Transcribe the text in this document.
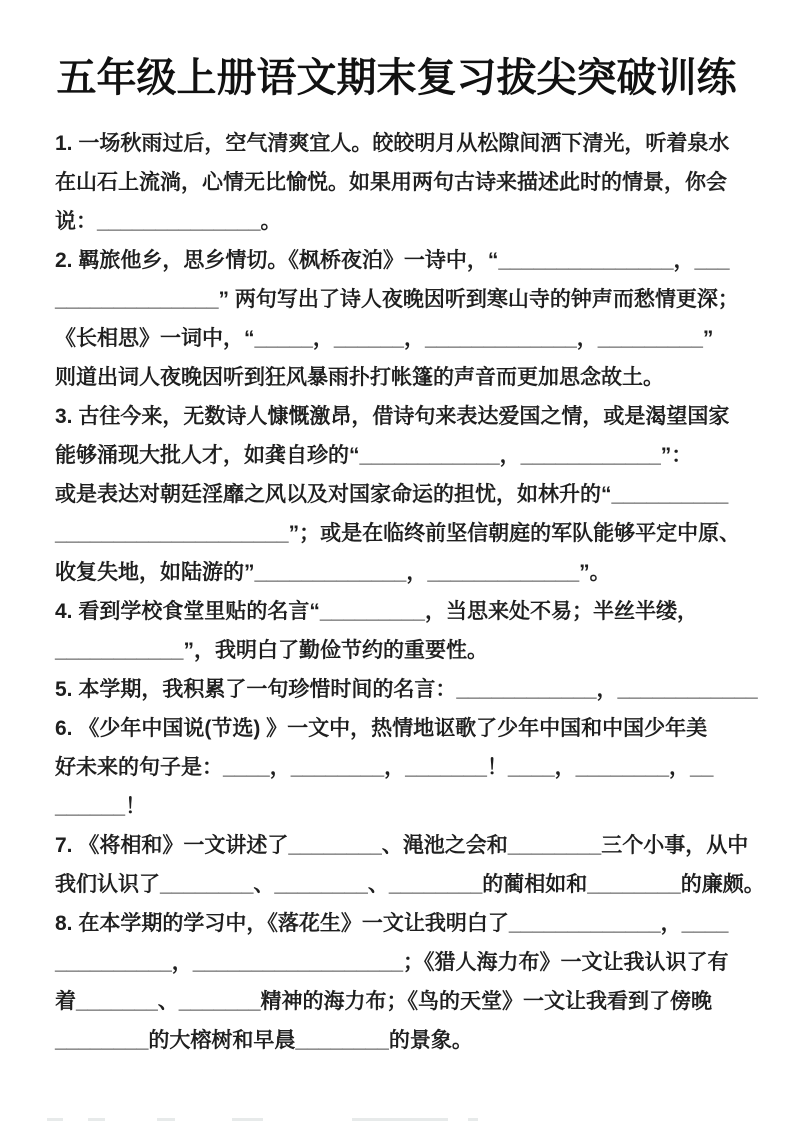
五年级上册语文期末复习拔尖突破训练
1. 一场秋雨过后，空气清爽宜人。皎皎明月从松隙间洒下清光，听着泉水
在山石上流淌，心情无比愉悦。如果用两句古诗来描述此时的情景，你会
说：______________。
2. 羁旅他乡，思乡情切。《枫桥夜泊》一诗中，“_______________，___
______________” 两句写出了诗人夜晚因听到寒山寺的钟声而愁情更深；
《长相思》一词中，“_____，______，_____________，_________”
则道出词人夜晚因听到狂风暴雨扑打帐篷的声音而更加思念故土。
3. 古往今来，无数诗人慷慨激昂，借诗句来表达爱国之情，或是渴望国家
能够涌现大批人才，如龚自珍的“____________，____________”：
或是表达对朝廷淫靡之风以及对国家命运的担忧，如林升的“__________
____________________”；或是在临终前坚信朝庭的军队能够平定中原、
收复失地，如陆游的”_____________，_____________”。
4. 看到学校食堂里贴的名言“_________，当思来处不易；半丝半缕，
___________”，我明白了勤俭节约的重要性。
5. 本学期，我积累了一句珍惜时间的名言：____________，____________
6. 《少年中国说(节选) 》一文中，热情地讴歌了少年中国和中国少年美
好未来的句子是：____，________，_______！____，________，__
______！
7. 《将相和》一文讲述了________、渑池之会和________三个小事，从中
我们认识了________、________、________的蔺相如和________的廉颇。
8. 在本学期的学习中，《落花生》一文让我明白了_____________，____
__________，__________________；《猎人海力布》一文让我认识了有
着_______、_______精神的海力布；《鸟的天堂》一文让我看到了傍晚
________的大榕树和早晨________的景象。
